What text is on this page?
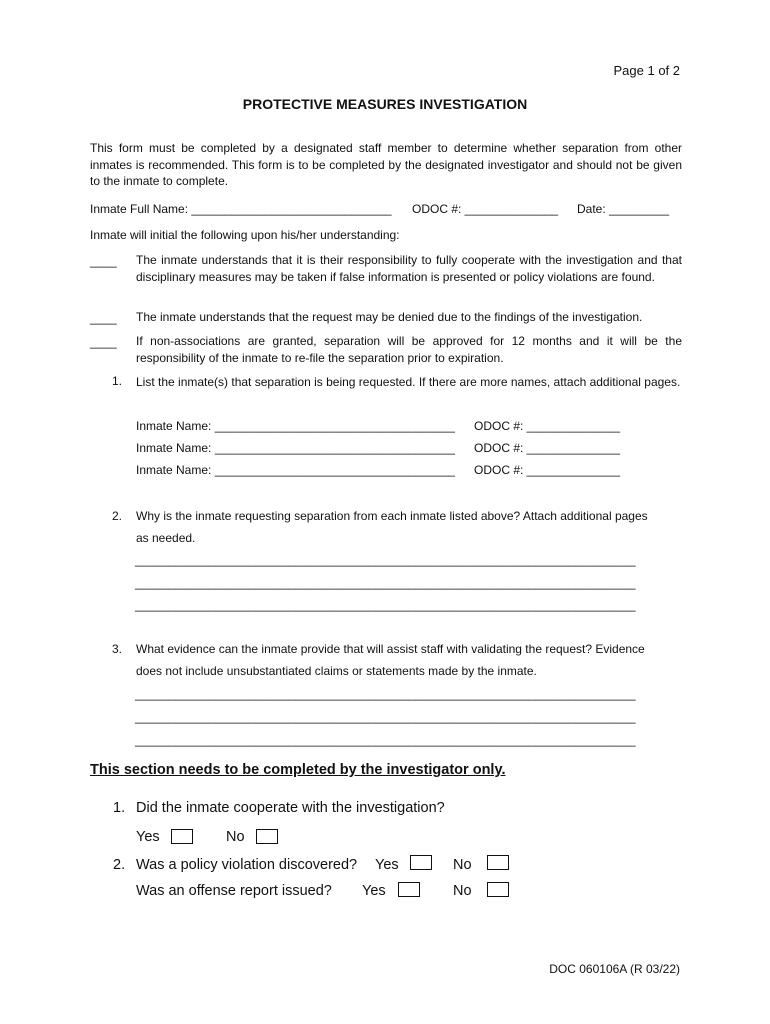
Page 1 of 2
PROTECTIVE MEASURES INVESTIGATION
This form must be completed by a designated staff member to determine whether separation from other inmates is recommended. This form is to be completed by the designated investigator and should not be given to the inmate to complete.
Inmate Full Name: ______________________________ ODOC #: ______________ Date: _________
Inmate will initial the following upon his/her understanding:
____ The inmate understands that it is their responsibility to fully cooperate with the investigation and that disciplinary measures may be taken if false information is presented or policy violations are found.
____ The inmate understands that the request may be denied due to the findings of the investigation.
____ If non-associations are granted, separation will be approved for 12 months and it will be the responsibility of the inmate to re-file the separation prior to expiration.
1. List the inmate(s) that separation is being requested. If there are more names, attach additional pages.
Inmate Name: ____________________________________ ODOC #: ______________
Inmate Name: ____________________________________ ODOC #: ______________
Inmate Name: ____________________________________ ODOC #: ______________
2. Why is the inmate requesting separation from each inmate listed above? Attach additional pages
as needed.
___________________________________________________________________________
___________________________________________________________________________
___________________________________________________________________________
3. What evidence can the inmate provide that will assist staff with validating the request? Evidence
does not include unsubstantiated claims or statements made by the inmate.
___________________________________________________________________________
___________________________________________________________________________
___________________________________________________________________________
This section needs to be completed by the investigator only.
1. Did the inmate cooperate with the investigation?
Yes	No
2. Was a policy violation discovered? Yes	No
Was an offense report issued? Yes	No
DOC 060106A (R 03/22)
